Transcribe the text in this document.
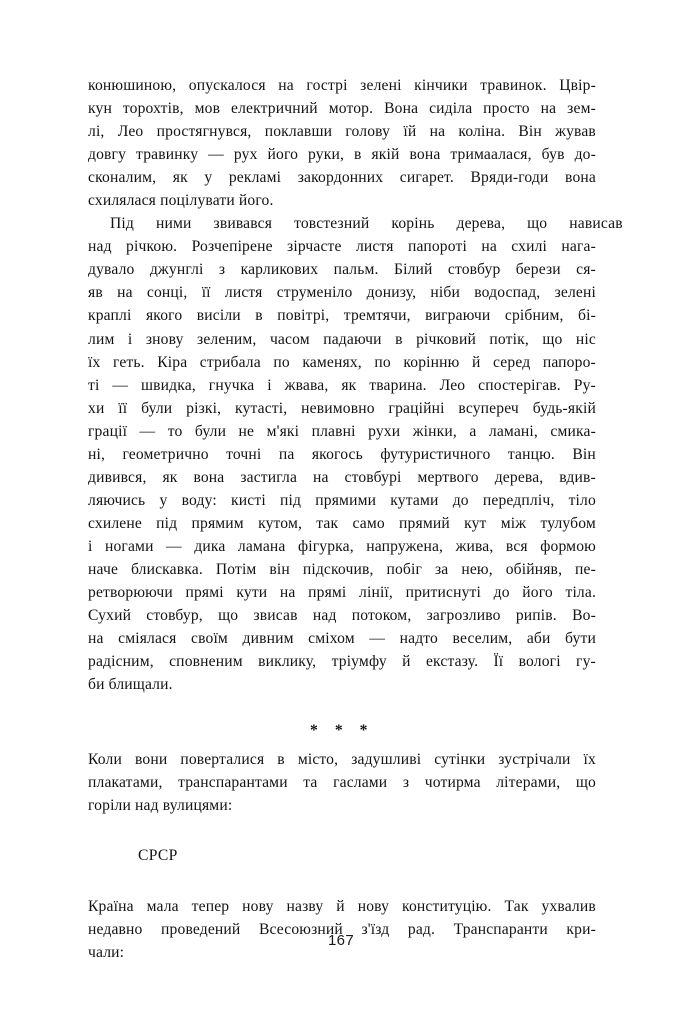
конюшиною, опускалося на гострі зелені кінчики травинок. Цвір-
кун торохтів, мов електричний мотор. Вона сиділа просто на зем-
лі, Лео простягнувся, поклавши голову їй на коліна. Він жував
довгу травинку — рух його руки, в якій вона тримаалася, був до-
сконалим, як у рекламі закордонних сигарет. Вряди-годи вона
схилялася поцілувати його.

Під	ними	звивався	товстезний	корінь	дерева,	що	нависав
над річкою. Розчепірене зірчасте листя папороті на схилі нага-
дувало джунглі з карликових пальм. Білий стовбур берези ся-
яв на сонці, її листя струменіло донизу, ніби водоспад, зелені
краплі якого висіли в повітрі, тремтячи, виграючи срібним, бі-
лим і знову зеленим, часом падаючи в річковий потік, що ніс
їх геть. Кіра стрибала по каменях, по корінню й серед папоро-
ті — швидка, гнучка і жвава, як тварина. Лео спостерігав. Ру-
хи її були різкі, кутасті, невимовно граційні всупереч будь-якій
грації — то були не м'які плавні рухи жінки, а ламані, смика-
ні, геометрично точні па якогось футуристичного танцю. Він
дивився, як вона застигла на стовбурі мертвого дерева, вдив-
ляючись у воду: кисті під прямими кутами до передпліч, тіло
схилене під прямим кутом, так само прямий кут між тулубом
і ногами — дика ламана фігурка, напружена, жива, вся формою
наче блискавка. Потім він підскочив, побіг за нею, обійняв, пе-
ретворюючи прямі кути на прямі лінії, притиснуті до його тіла.
Сухий стовбур, що звисав над потоком, загрозливо рипів. Во-
на сміялася своїм дивним сміхом — надто веселим, аби бути
радісним, сповненим виклику, тріумфу й екстазу. Її вологі гу-
би блищали.

* * *

Коли вони поверталися в місто, задушливі сутінки зустрічали їх
плакатами, транспарантами та гаслами з чотирма літерами, що
горіли над вулицями:

СРСР

Країна мала тепер нову назву й нову конституцію. Так ухвалив
недавно проведений Всесоюзний з'їзд рад. Транспаранти кри-
чали:

167
